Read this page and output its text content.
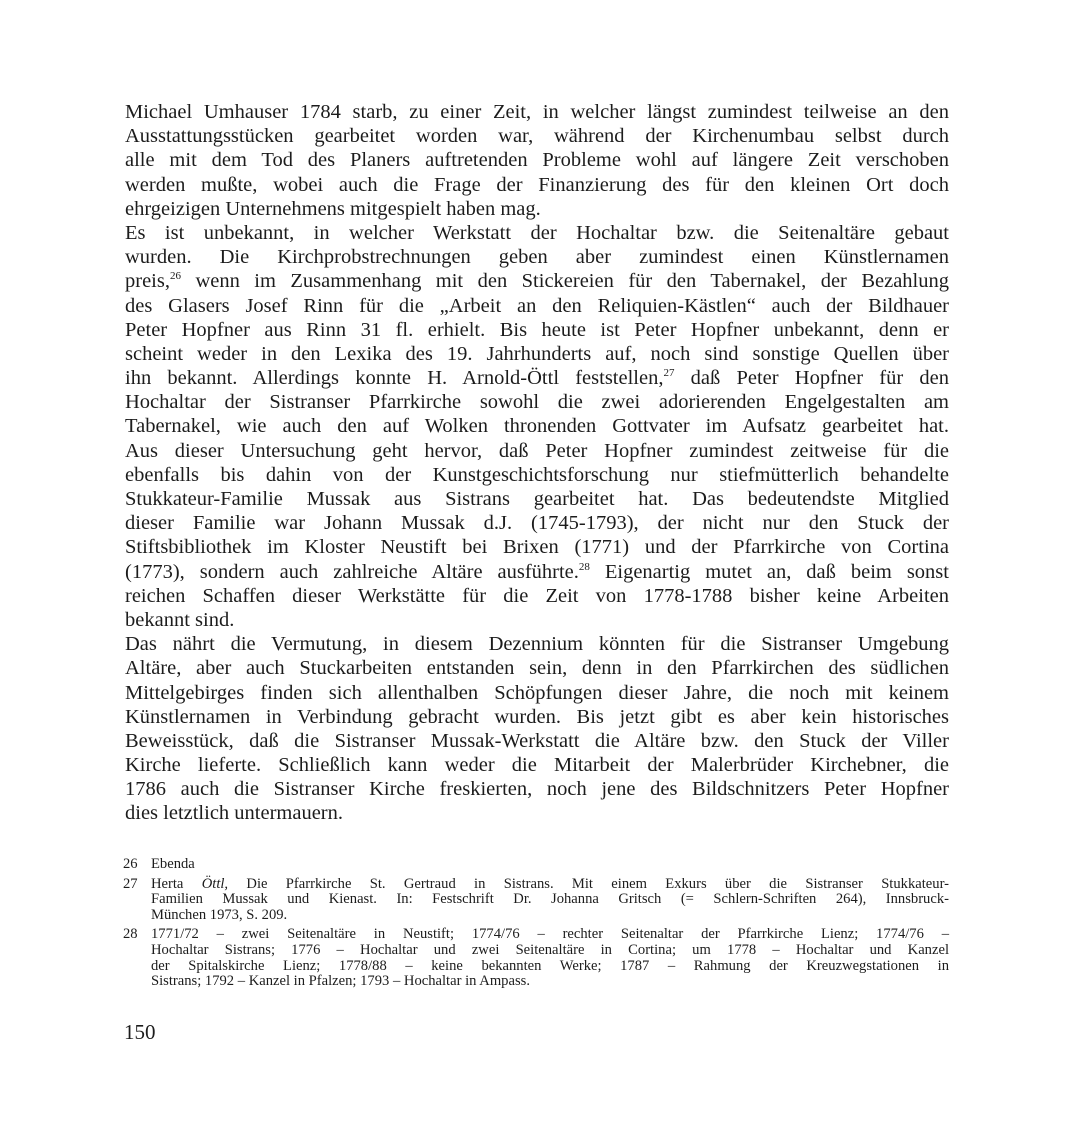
Michael Umhauser 1784 starb, zu einer Zeit, in welcher längst zumindest teilweise an den
Ausstattungsstücken gearbeitet worden war, während der Kirchenumbau selbst durch
alle mit dem Tod des Planers auftretenden Probleme wohl auf längere Zeit verschoben
werden mußte, wobei auch die Frage der Finanzierung des für den kleinen Ort doch
ehrgeizigen Unternehmens mitgespielt haben mag.
Es ist unbekannt, in welcher Werkstatt der Hochaltar bzw. die Seitenaltäre gebaut
wurden. Die Kirchprobstrechnungen geben aber zumindest einen Künstlernamen
preis,$^{26}$ wenn im Zusammenhang mit den Stickereien für den Tabernakel, der Bezahlung
des Glasers Josef Rinn für die „Arbeit an den Reliquien-Kästlen“ auch der Bildhauer
Peter Hopfner aus Rinn 31 fl. erhielt. Bis heute ist Peter Hopfner unbekannt, denn er
scheint weder in den Lexika des 19. Jahrhunderts auf, noch sind sonstige Quellen über
ihn bekannt. Allerdings konnte H. Arnold-Öttl feststellen,$^{27}$ daß Peter Hopfner für den
Hochaltar der Sistranser Pfarrkirche sowohl die zwei adorierenden Engelgestalten am
Tabernakel, wie auch den auf Wolken thronenden Gottvater im Aufsatz gearbeitet hat.
Aus dieser Untersuchung geht hervor, daß Peter Hopfner zumindest zeitweise für die
ebenfalls bis dahin von der Kunstgeschichtsforschung nur stiefmütterlich behandelte
Stukkateur-Familie Mussak aus Sistrans gearbeitet hat. Das bedeutendste Mitglied
dieser Familie war Johann Mussak d.J. (1745-1793), der nicht nur den Stuck der
Stiftsbibliothek im Kloster Neustift bei Brixen (1771) und der Pfarrkirche von Cortina
(1773), sondern auch zahlreiche Altäre ausführte.$^{28}$ Eigenartig mutet an, daß beim sonst
reichen Schaffen dieser Werkstätte für die Zeit von 1778-1788 bisher keine Arbeiten
bekannt sind.
Das nährt die Vermutung, in diesem Dezennium könnten für die Sistranser Umgebung
Altäre, aber auch Stuckarbeiten entstanden sein, denn in den Pfarrkirchen des südlichen
Mittelgebirges finden sich allenthalben Schöpfungen dieser Jahre, die noch mit keinem
Künstlernamen in Verbindung gebracht wurden. Bis jetzt gibt es aber kein historisches
Beweisstück, daß die Sistranser Mussak-Werkstatt die Altäre bzw. den Stuck der Viller
Kirche lieferte. Schließlich kann weder die Mitarbeit der Malerbrüder Kirchebner, die
1786 auch die Sistranser Kirche freskierten, noch jene des Bildschnitzers Peter Hopfner
dies letztlich untermauern.
26 Ebenda
27 Herta Öttl, Die Pfarrkirche St. Gertraud in Sistrans. Mit einem Exkurs über die Sistranser Stukkateur-
Familien Mussak und Kienast. In: Festschrift Dr. Johanna Gritsch (= Schlern-Schriften 264), Innsbruck-
München 1973, S. 209.
28 1771/72 – zwei Seitenaltäre in Neustift; 1774/76 – rechter Seitenaltar der Pfarrkirche Lienz; 1774/76 –
Hochaltar Sistrans; 1776 – Hochaltar und zwei Seitenaltäre in Cortina; um 1778 – Hochaltar und Kanzel
der Spitalskirche Lienz; 1778/88 – keine bekannten Werke; 1787 – Rahmung der Kreuzwegstationen in
Sistrans; 1792 – Kanzel in Pfalzen; 1793 – Hochaltar in Ampass.
150
